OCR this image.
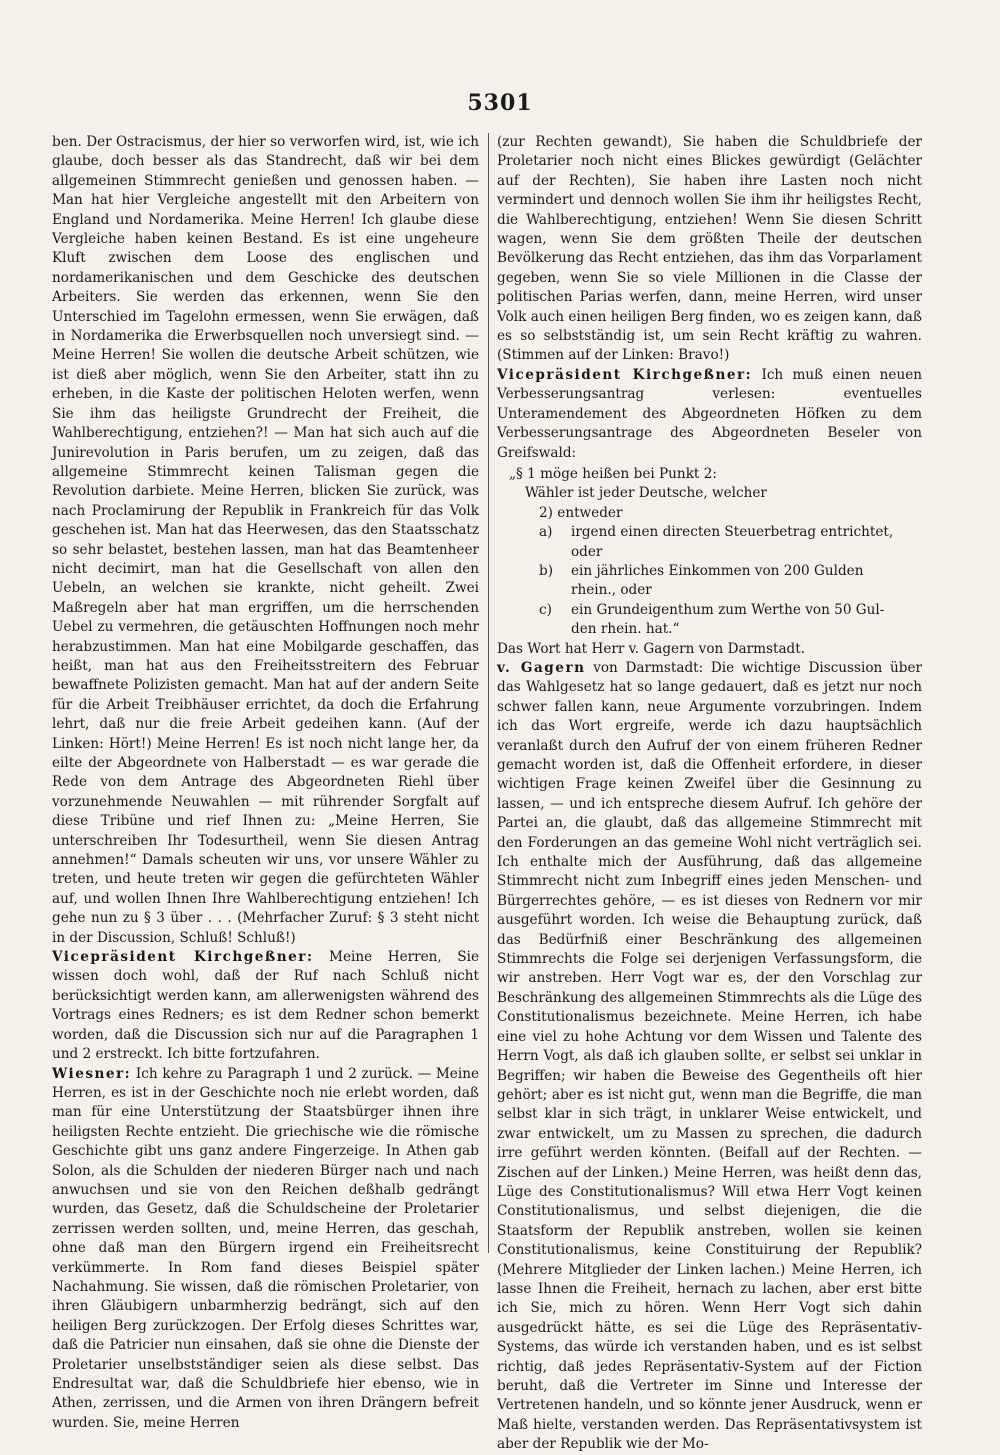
5301

ben. Der Ostracismus, der hier so verworfen wird, ist, wie ich glaube, doch besser als das Standrecht, daß wir bei dem allgemeinen Stimmrecht genießen und genossen haben. — Man hat hier Vergleiche angestellt mit den Arbeitern von England und Nordamerika. Meine Herren! Ich glaube diese Vergleiche haben keinen Bestand. Es ist eine ungeheure Kluft zwischen dem Loose des englischen und nordamerikanischen und dem Geschicke des deutschen Arbeiters. Sie werden das erkennen, wenn Sie den Unterschied im Tagelohn ermessen, wenn Sie erwägen, daß in Nordamerika die Erwerbsquellen noch unversiegt sind. — Meine Herren! Sie wollen die deutsche Arbeit schützen, wie ist dieß aber möglich, wenn Sie den Arbeiter, statt ihn zu erheben, in die Kaste der politischen Heloten werfen, wenn Sie ihm das heiligste Grundrecht der Freiheit, die Wahlberechtigung, entziehen?! — Man hat sich auch auf die Junirevolution in Paris berufen, um zu zeigen, daß das allgemeine Stimmrecht keinen Talisman gegen die Revolution darbiete. Meine Herren, blicken Sie zurück, was nach Proclamirung der Republik in Frankreich für das Volk geschehen ist. Man hat das Heerwesen, das den Staatsschatz so sehr belastet, bestehen lassen, man hat das Beamtenheer nicht decimirt, man hat die Gesellschaft von allen den Uebeln, an welchen sie krankte, nicht geheilt. Zwei Maßregeln aber hat man ergriffen, um die herrschenden Uebel zu vermehren, die getäuschten Hoffnungen noch mehr herabzustimmen. Man hat eine Mobilgarde geschaffen, das heißt, man hat aus den Freiheitsstreitern des Februar bewaffnete Polizisten gemacht. Man hat auf der andern Seite für die Arbeit Treibhäuser errichtet, da doch die Erfahrung lehrt, daß nur die freie Arbeit gedeihen kann. (Auf der Linken: Hört!) Meine Herren! Es ist noch nicht lange her, da eilte der Abgeordnete von Halberstadt — es war gerade die Rede von dem Antrage des Abgeordneten Riehl über vorzunehmende Neuwahlen — mit rührender Sorgfalt auf diese Tribüne und rief Ihnen zu: „Meine Herren, Sie unterschreiben Ihr Todesurtheil, wenn Sie diesen Antrag annehmen!“ Damals scheuten wir uns, vor unsere Wähler zu treten, und heute treten wir gegen die gefürchteten Wähler auf, und wollen Ihnen Ihre Wahlberechtigung entziehen! Ich gehe nun zu § 3 über . . . (Mehrfacher Zuruf: § 3 steht nicht in der Discussion, Schluß! Schluß!)

Vicepräsident Kirchgeßner: Meine Herren, Sie wissen doch wohl, daß der Ruf nach Schluß nicht berücksichtigt werden kann, am allerwenigsten während des Vortrags eines Redners; es ist dem Redner schon bemerkt worden, daß die Discussion sich nur auf die Paragraphen 1 und 2 erstreckt. Ich bitte fortzufahren.

Wiesner: Ich kehre zu Paragraph 1 und 2 zurück. — Meine Herren, es ist in der Geschichte noch nie erlebt worden, daß man für eine Unterstützung der Staatsbürger ihnen ihre heiligsten Rechte entzieht. Die griechische wie die römische Geschichte gibt uns ganz andere Fingerzeige. In Athen gab Solon, als die Schulden der niederen Bürger nach und nach anwuchsen und sie von den Reichen deßhalb gedrängt wurden, das Gesetz, daß die Schuldscheine der Proletarier zerrissen werden sollten, und, meine Herren, das geschah, ohne daß man den Bürgern irgend ein Freiheitsrecht verkümmerte. In Rom fand dieses Beispiel später Nachahmung. Sie wissen, daß die römischen Proletarier, von ihren Gläubigern unbarmherzig bedrängt, sich auf den heiligen Berg zurückzogen. Der Erfolg dieses Schrittes war, daß die Patricier nun einsahen, daß sie ohne die Dienste der Proletarier unselbstständiger seien als diese selbst. Das Endresultat war, daß die Schuldbriefe hier ebenso, wie in Athen, zerrissen, und die Armen von ihren Drängern befreit wurden. Sie, meine Herren

(zur Rechten gewandt), Sie haben die Schuldbriefe der Proletarier noch nicht eines Blickes gewürdigt (Gelächter auf der Rechten), Sie haben ihre Lasten noch nicht vermindert und dennoch wollen Sie ihm ihr heiligstes Recht, die Wahlberechtigung, entziehen! Wenn Sie diesen Schritt wagen, wenn Sie dem größten Theile der deutschen Bevölkerung das Recht entziehen, das ihm das Vorparlament gegeben, wenn Sie so viele Millionen in die Classe der politischen Parias werfen, dann, meine Herren, wird unser Volk auch einen heiligen Berg finden, wo es zeigen kann, daß es so selbstständig ist, um sein Recht kräftig zu wahren. (Stimmen auf der Linken: Bravo!)

Vicepräsident Kirchgeßner: Ich muß einen neuen Verbesserungsantrag verlesen: eventuelles Unteramendement des Abgeordneten Höfken zu dem Verbesserungsantrage des Abgeordneten Beseler von Greifswald:

„§ 1 möge heißen bei Punkt 2:
Wähler ist jeder Deutsche, welcher
2) entweder
a)	irgend einen directen Steuerbetrag entrichtet,
oder
b)	ein jährliches Einkommen von 200 Gulden
rhein., oder
c)	ein Grundeigenthum zum Werthe von 50 Gul-
den rhein. hat.“

Das Wort hat Herr v. Gagern von Darmstadt.

v. Gagern von Darmstadt: Die wichtige Discussion über das Wahlgesetz hat so lange gedauert, daß es jetzt nur noch schwer fallen kann, neue Argumente vorzubringen. Indem ich das Wort ergreife, werde ich dazu hauptsächlich veranlaßt durch den Aufruf der von einem früheren Redner gemacht worden ist, daß die Offenheit erfordere, in dieser wichtigen Frage keinen Zweifel über die Gesinnung zu lassen, — und ich entspreche diesem Aufruf. Ich gehöre der Partei an, die glaubt, daß das allgemeine Stimmrecht mit den Forderungen an das gemeine Wohl nicht verträglich sei. Ich enthalte mich der Ausführung, daß das allgemeine Stimmrecht nicht zum Inbegriff eines jeden Menschen- und Bürgerrechtes gehöre, — es ist dieses von Rednern vor mir ausgeführt worden. Ich weise die Behauptung zurück, daß das Bedürfniß einer Beschränkung des allgemeinen Stimmrechts die Folge sei derjenigen Verfassungsform, die wir anstreben. Herr Vogt war es, der den Vorschlag zur Beschränkung des allgemeinen Stimmrechts als die Lüge des Constitutionalismus bezeichnete. Meine Herren, ich habe eine viel zu hohe Achtung vor dem Wissen und Talente des Herrn Vogt, als daß ich glauben sollte, er selbst sei unklar in Begriffen; wir haben die Beweise des Gegentheils oft hier gehört; aber es ist nicht gut, wenn man die Begriffe, die man selbst klar in sich trägt, in unklarer Weise entwickelt, und zwar entwickelt, um zu Massen zu sprechen, die dadurch irre geführt werden könnten. (Beifall auf der Rechten. — Zischen auf der Linken.) Meine Herren, was heißt denn das, Lüge des Constitutionalismus? Will etwa Herr Vogt keinen Constitutionalismus, und selbst diejenigen, die die Staatsform der Republik anstreben, wollen sie keinen Constitutionalismus, keine Constituirung der Republik? (Mehrere Mitglieder der Linken lachen.) Meine Herren, ich lasse Ihnen die Freiheit, hernach zu lachen, aber erst bitte ich Sie, mich zu hören. Wenn Herr Vogt sich dahin ausgedrückt hätte, es sei die Lüge des Repräsentativ-Systems, das würde ich verstanden haben, und es ist selbst richtig, daß jedes Repräsentativ-System auf der Fiction beruht, daß die Vertreter im Sinne und Interesse der Vertretenen handeln, und so könnte jener Ausdruck, wenn er Maß hielte, verstanden werden. Das Repräsentativsystem ist aber der Republik wie der Mo-
